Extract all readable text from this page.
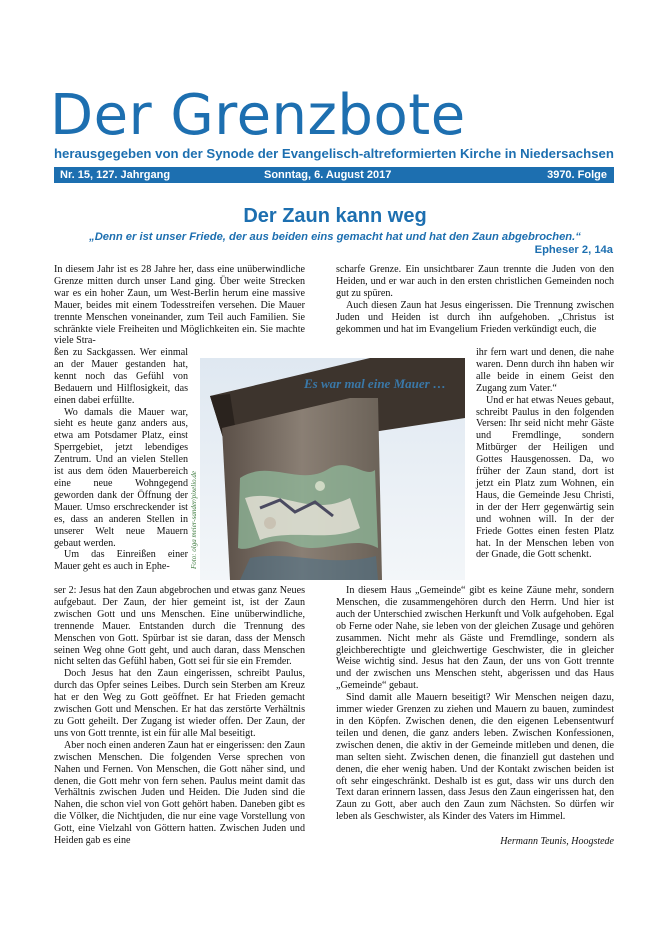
Der Grenzbote
herausgegeben von der Synode der Evangelisch-altreformierten Kirche in Niedersachsen
Nr. 15, 127. Jahrgang	Sonntag, 6. August 2017	3970. Folge
Der Zaun kann weg
„Denn er ist unser Friede, der aus beiden eins gemacht hat und hat den Zaun abgebrochen.“
Epheser 2, 14a

In diesem Jahr ist es 28 Jahre her, dass eine unüberwindliche Grenze mitten durch unser Land ging. Über weite Strecken war es ein hoher Zaun, um West-Berlin herum eine massive Mauer, beides mit einem Todesstreifen versehen. Die Mauer trennte Menschen voneinander, zum Teil auch Familien. Sie schränkte viele Freiheiten und Möglichkeiten ein. Sie machte viele Stra-

ßen zu Sackgassen. Wer einmal an der Mauer gestanden hat, kennt noch das Gefühl von Bedauern und Hilflosigkeit, das einen dabei erfüllte.

Wo damals die Mauer war, sieht es heute ganz anders aus, etwa am Potsdamer Platz, einst Sperrgebiet, jetzt lebendiges Zentrum. Und an vielen Stellen ist aus dem öden Mauerbereich eine neue Wohngegend geworden dank der Öffnung der Mauer. Umso erschreckender ist es, dass an anderen Stellen in unserer Welt neue Mauern gebaut werden.

Um das Einreißen einer Mauer geht es auch in Ephe-

ser 2: Jesus hat den Zaun abgebrochen und etwas ganz Neues aufgebaut. Der Zaun, der hier gemeint ist, ist der Zaun zwischen Gott und uns Menschen. Eine unüberwindliche, trennende Mauer. Entstanden durch die Trennung des Menschen von Gott. Spürbar ist sie daran, dass der Mensch seinen Weg ohne Gott geht, und auch daran, dass Menschen nicht selten das Gefühl haben, Gott sei für sie ein Fremder.

Doch Jesus hat den Zaun eingerissen, schreibt Paulus, durch das Opfer seines Leibes. Durch sein Sterben am Kreuz hat er den Weg zu Gott geöffnet. Er hat Frieden gemacht zwischen Gott und Menschen. Er hat das zerstörte Verhältnis zu Gott geheilt. Der Zugang ist wieder offen. Der Zaun, der uns von Gott trennte, ist ein für alle Mal beseitigt.

Aber noch einen anderen Zaun hat er eingerissen: den Zaun zwischen Menschen. Die folgenden Verse sprechen von Nahen und Fernen. Von Menschen, die Gott näher sind, und denen, die Gott mehr von fern sehen. Paulus meint damit das Verhältnis zwischen Juden und Heiden. Die Juden sind die Nahen, die schon viel von Gott gehört haben. Daneben gibt es die Völker, die Nichtjuden, die nur eine vage Vorstellung von Gott, eine Vielzahl von Göttern hatten. Zwischen Juden und Heiden gab es eine

scharfe Grenze. Ein unsichtbarer Zaun trennte die Juden von den Heiden, und er war auch in den ersten christlichen Gemeinden noch gut zu spüren.

Auch diesen Zaun hat Jesus eingerissen. Die Trennung zwischen Juden und Heiden ist durch ihn aufgehoben. „Christus ist gekommen und hat im Evangelium Frieden verkündigt euch, die

ihr fern wart und denen, die nahe waren. Denn durch ihn haben wir alle beide in einem Geist den Zugang zum Vater.“

Und er hat etwas Neues gebaut, schreibt Paulus in den folgenden Versen: Ihr seid nicht mehr Gäste und Fremdlinge, sondern Mitbürger der Heiligen und Gottes Hausgenossen. Da, wo früher der Zaun stand, dort ist jetzt ein Platz zum Wohnen, ein Haus, die Gemeinde Jesu Christi, in der der Herr gegenwärtig sein und wohnen will. In der der Friede Gottes einen festen Platz hat. In der Menschen leben von der Gnade, die Gott schenkt.

In diesem Haus „Gemeinde“ gibt es keine Zäune mehr, sondern Menschen, die zusammengehören durch den Herrn. Und hier ist auch der Unterschied zwischen Herkunft und Volk aufgehoben. Egal ob Ferne oder Nahe, sie leben von der gleichen Zusage und gehören zusammen. Nicht mehr als Gäste und Fremdlinge, sondern als gleichberechtigte und gleichwertige Geschwister, die in gleicher Weise wichtig sind. Jesus hat den Zaun, der uns von Gott trennte und der zwischen uns Menschen steht, abgerissen und das Haus „Gemeinde“ gebaut.

Sind damit alle Mauern beseitigt? Wir Menschen neigen dazu, immer wieder Grenzen zu ziehen und Mauern zu bauen, zumindest in den Köpfen. Zwischen denen, die den eigenen Lebensentwurf teilen und denen, die ganz anders leben. Zwischen Konfessionen, zwischen denen, die aktiv in der Gemeinde mitleben und denen, die man selten sieht. Zwischen denen, die finanziell gut dastehen und denen, die eher wenig haben. Und der Kontakt zwischen beiden ist oft sehr eingeschränkt. Deshalb ist es gut, dass wir uns durch den Text daran erinnern lassen, dass Jesus den Zaun eingerissen hat, den Zaun zu Gott, aber auch den Zaun zum Nächsten. So dürfen wir leben als Geschwister, als Kinder des Vaters im Himmel.

Es war mal eine Mauer …
Foto: olga meier-sander/pixelio.de
Hermann Teunis, Hoogstede
